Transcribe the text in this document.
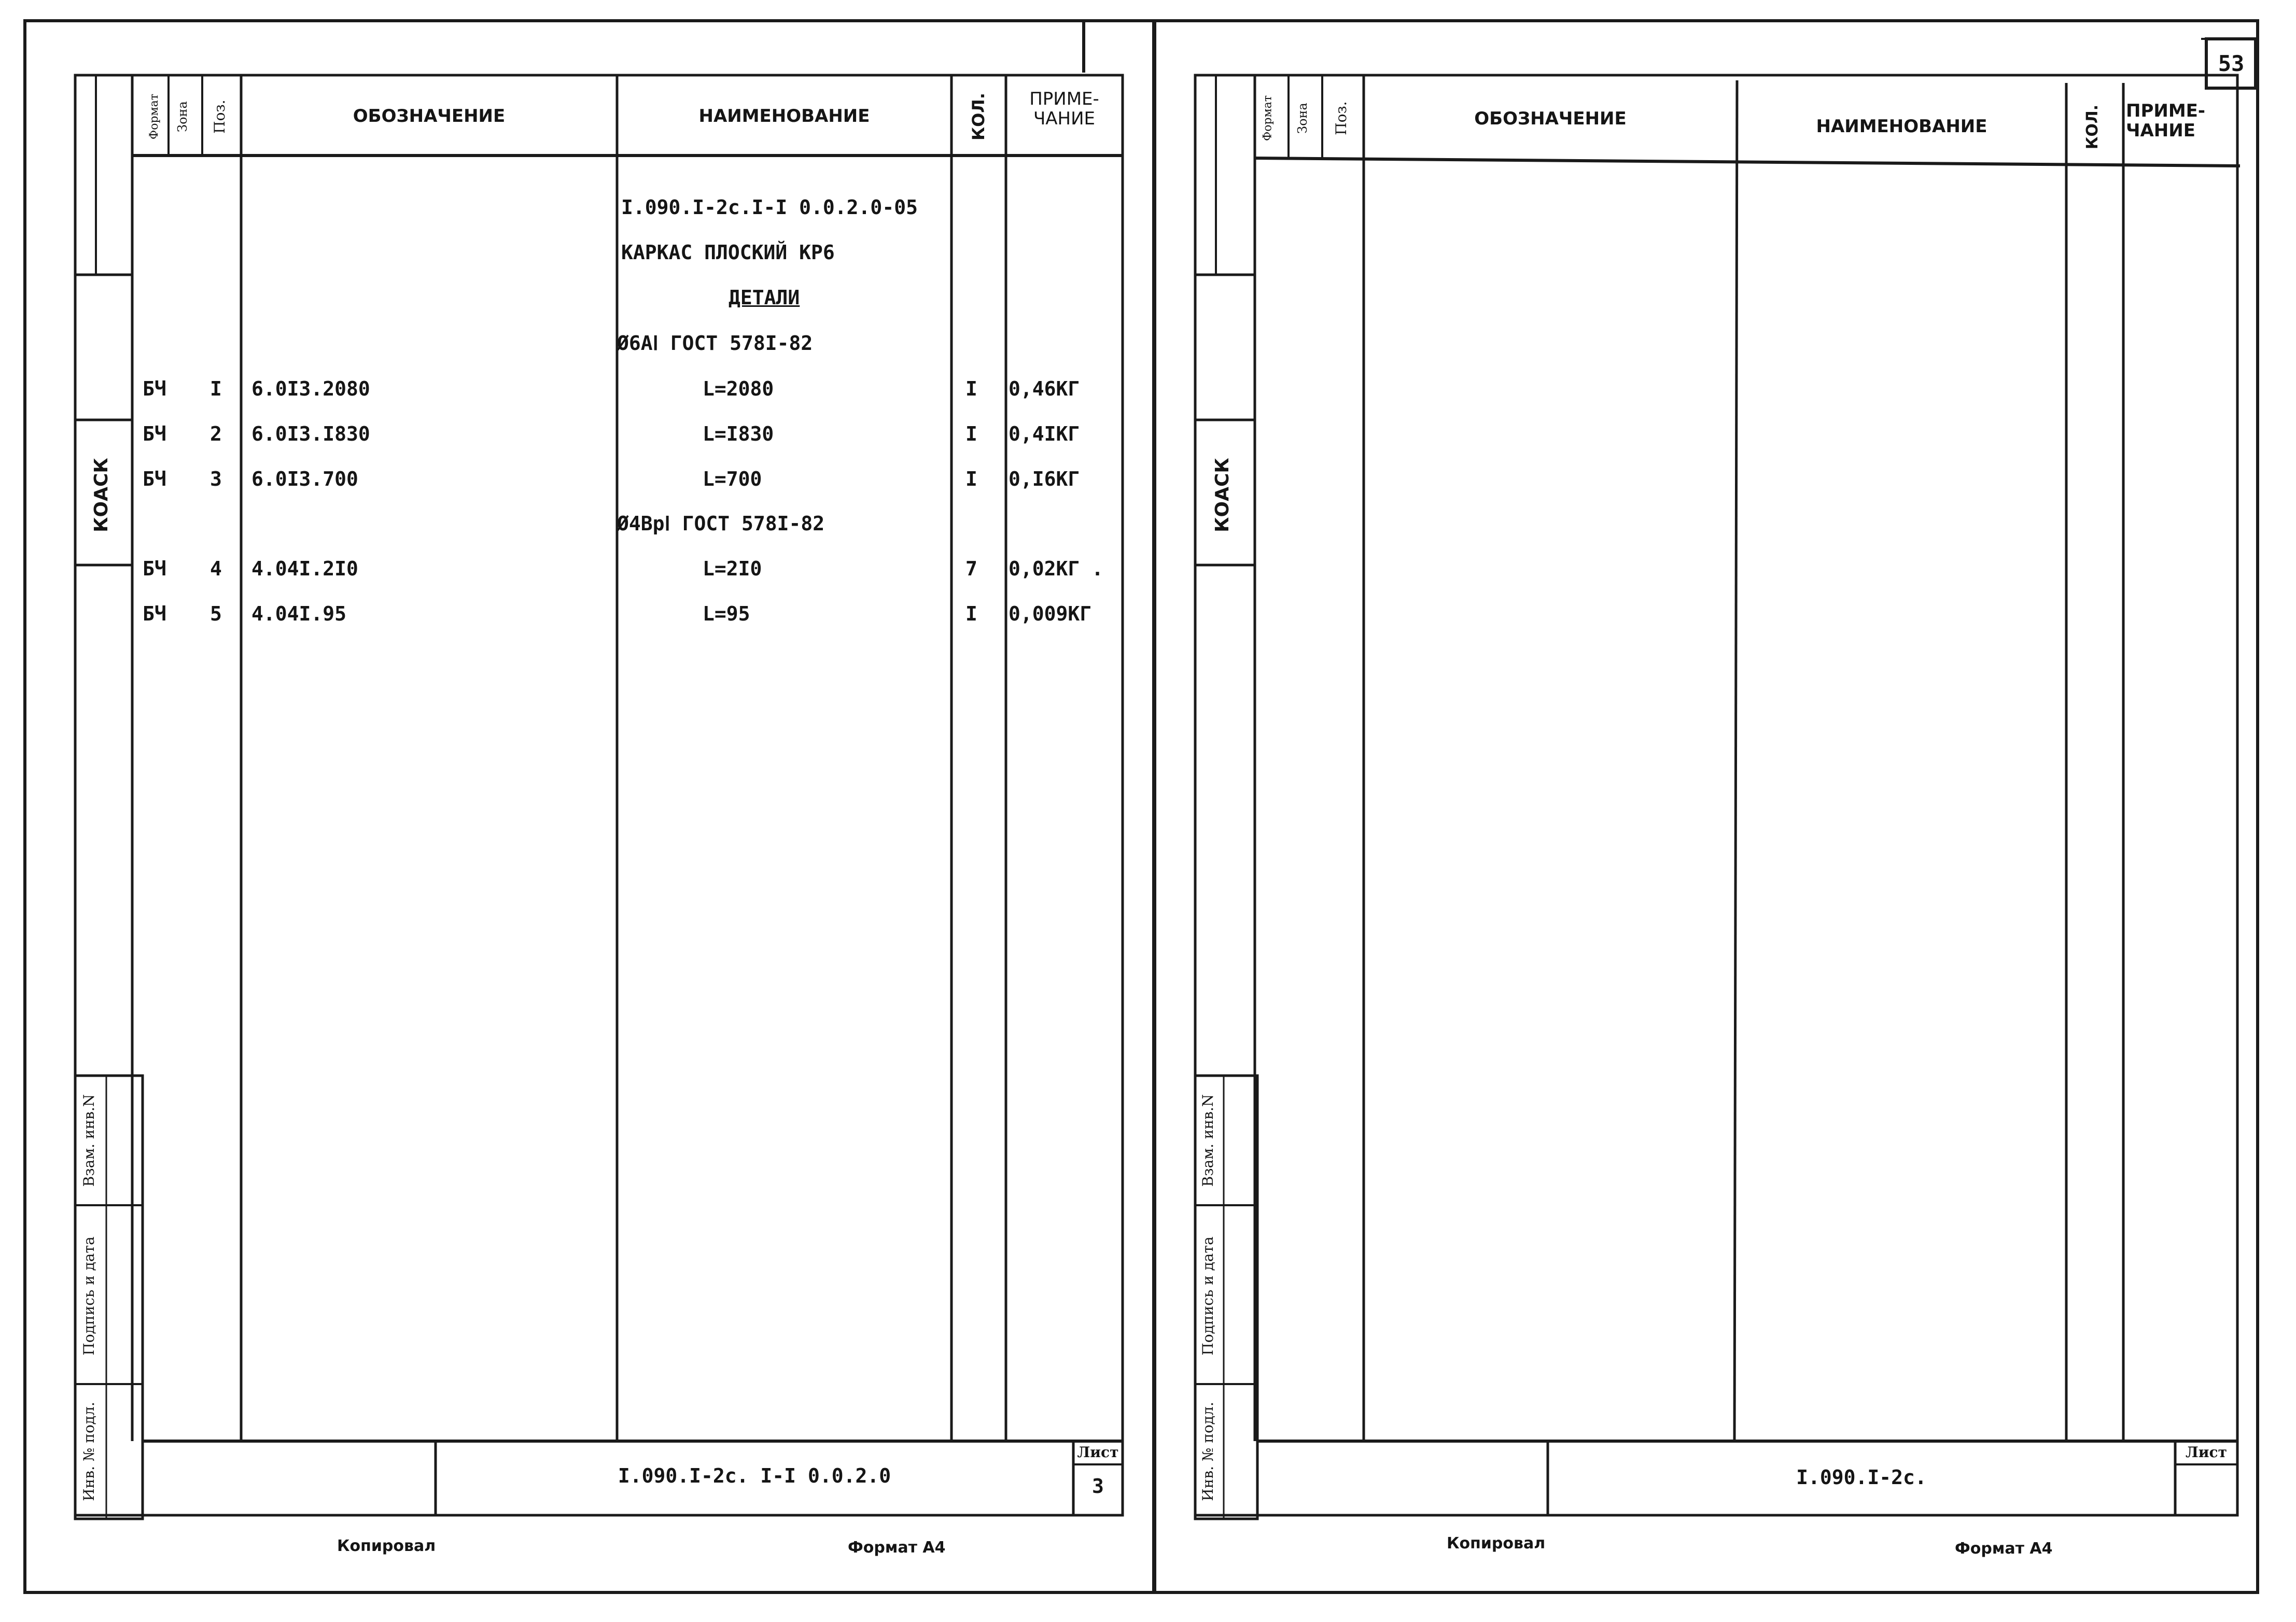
Формат	Зона	Поз.	ОБОЗНАЧЕНИЕ	НАИМЕНОВАНИЕ	КОЛ.	ПРИМЕ-
ЧАНИЕ
КОАСК
Взам. инв.N
Подпись и дата
Инв. № подл.
I.090.I-2c.I-I 0.0.2.0-05
КАРКАС ПЛОСКИЙ КР6
ДЕТАЛИ
Ø6АⅠ ГОСТ 578I-82
БЧ I 6.0I3.2080	L=2080	I 0,46КГ
БЧ 2 6.0I3.I830	L=I830	I 0,4IКГ
БЧ 3 6.0I3.700	L=700	I 0,I6КГ
Ø4ВрⅠ ГОСТ 578I-82
БЧ 4 4.04I.2I0	L=2I0	7 0,02КГ .
БЧ 5 4.04I.95	L=95	I 0,009КГ
I.090.I-2c. I-I 0.0.2.0
Лист
3
Копировал	Формат А4
53
Формат	Зона	Поз.	ОБОЗНАЧЕНИЕ	НАИМЕНОВАНИЕ	КОЛ. ПРИМЕ-
ЧАНИЕ
КОАСК
Взам. инв.N
Подпись и дата
Инв. № подл.	I.090.I-2c.
Лист
Копировал	Формат А4
